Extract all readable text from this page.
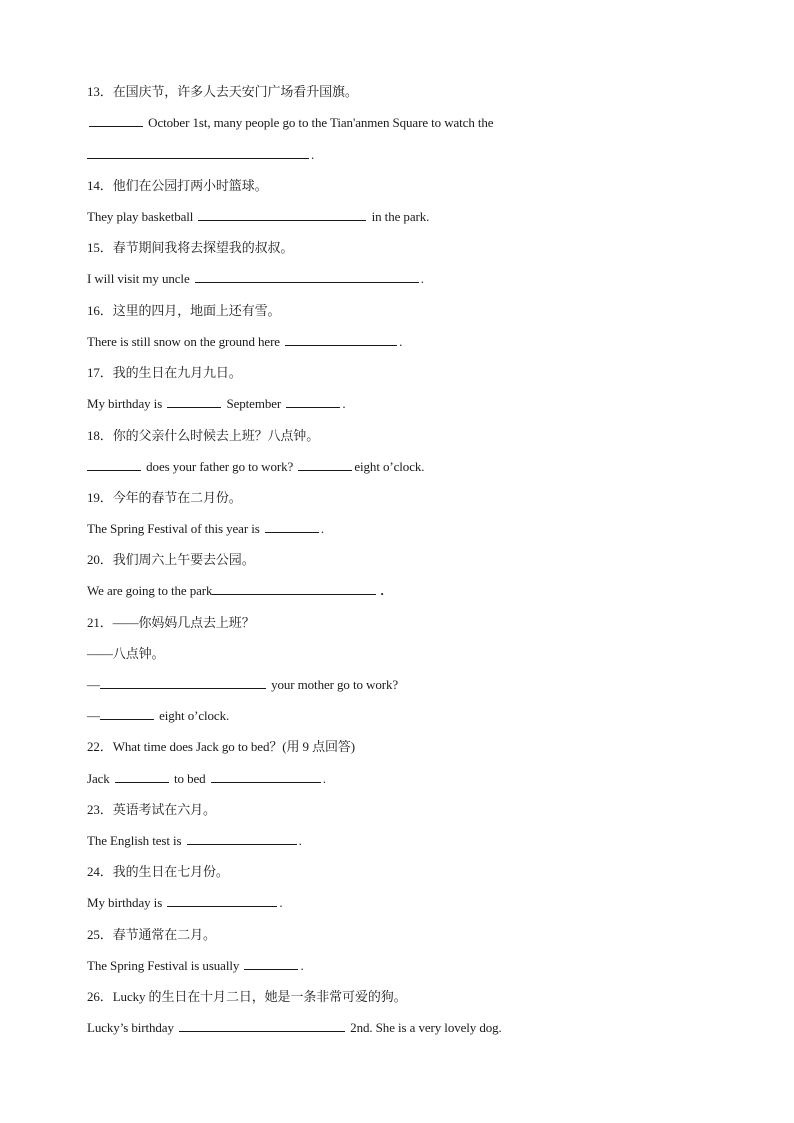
13．在国庆节，许多人去天安门广场看升国旗。
October 1st, many people go to the Tian'anmen Square to watch the
.
14．他们在公园打两小时篮球。
They play basketball	in the park.
15．春节期间我将去探望我的叔叔。
I will visit my uncle	.
16．这里的四月，地面上还有雪。
There is still snow on the ground here	.
17．我的生日在九月九日。
My birthday is	September	.
18．你的父亲什么时候去上班？八点钟。
does your father go to work?	eight o’clock.
19．今年的春节在二月份。
The Spring Festival of this year is	.
20．我们周六上午要去公园。
We are going to the park	.
21．——你妈妈几点去上班？
——八点钟。
—	your mother go to work?
—	eight o’clock.
22．What time does Jack go to bed？(用 9 点回答)
Jack	to bed	.
23．英语考试在六月。
The English test is	.
24．我的生日在七月份。
My birthday is	.
25．春节通常在二月。
The Spring Festival is usually	.
26．Lucky 的生日在十月二日，她是一条非常可爱的狗。
Lucky’s birthday	2nd. She is a very lovely dog.
